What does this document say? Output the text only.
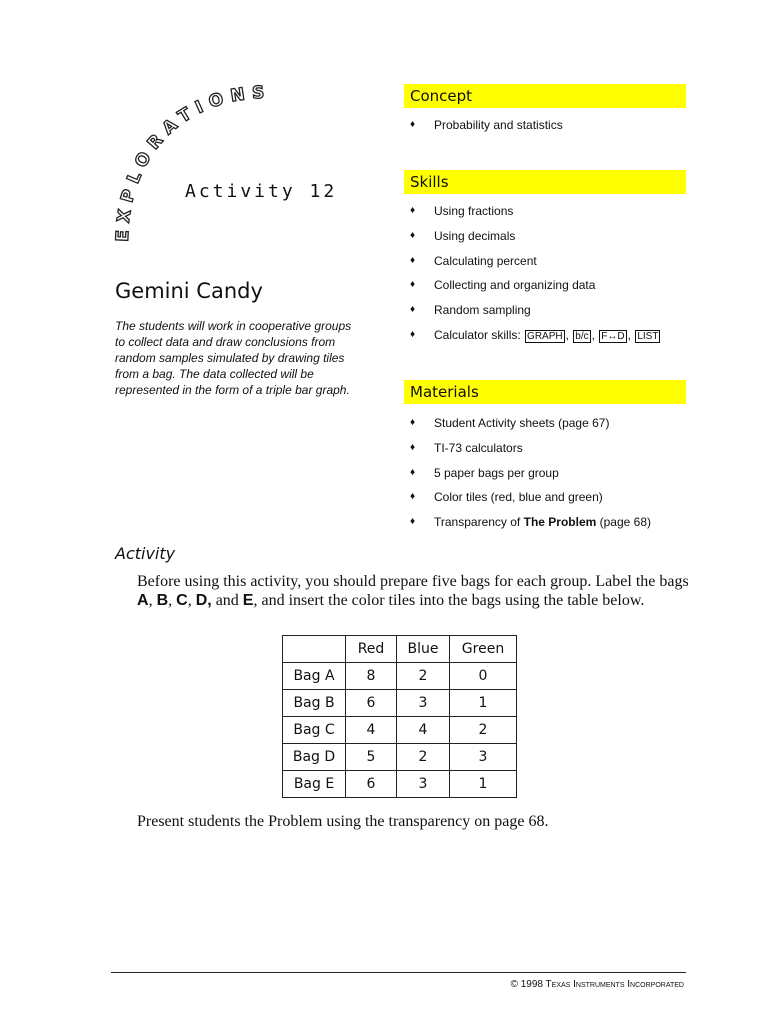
EXPLORATIONS
Activity 12
Gemini Candy
The students will work in cooperative groups to collect data and draw conclusions from random samples simulated by drawing tiles from a bag. The data collected will be represented in the form of a triple bar graph.
Concept
♦ Probability and statistics
Skills
♦ Using fractions
♦ Using decimals
♦ Calculating percent
♦ Collecting and organizing data
♦ Random sampling
♦ Calculator skills: GRAPH , b/c , F↔D , LIST
Materials
♦ Student Activity sheets (page 67)
♦ TI-73 calculators
♦ 5 paper bags per group
♦ Color tiles (red, blue and green)
♦ Transparency of The Problem (page 68)
Activity
Before using this activity, you should prepare five bags for each group. Label the bags A, B, C, D, and E, and insert the color tiles into the bags using the table below.
	Red	Blue	Green
Bag A	8	2	0
Bag B	6	3	1
Bag C	4	4	2
Bag D	5	2	3
Bag E	6	3	1
Present students the Problem using the transparency on page 68.
© 1998 Texas Instruments Incorporated
